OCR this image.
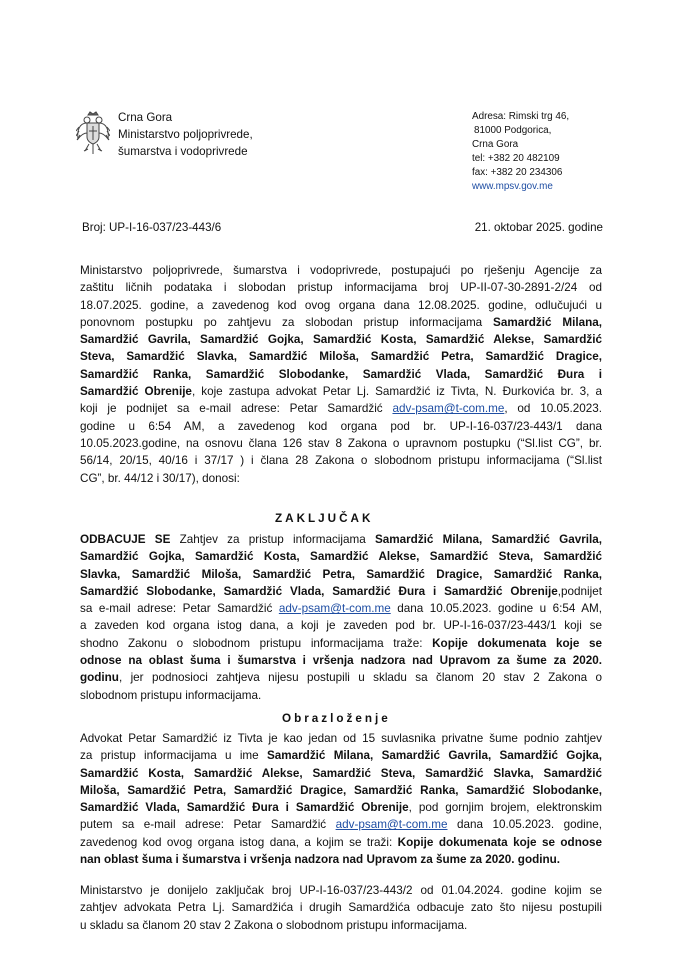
Crna Gora
Ministarstvo poljoprivrede,
šumarstva i vodoprivrede
Adresa: Rimski trg 46,
81000 Podgorica,
Crna Gora
tel: +382 20 482109
fax: +382 20 234306
www.mpsv.gov.me
Broj: UP-I-16-037/23-443/6	21. oktobar 2025. godine
Ministarstvo poljoprivrede, šumarstva i vodoprivrede, postupajući po rješenju Agencije za
zaštitu ličnih podataka i slobodan pristup informacijama broj UP-II-07-30-2891-2/24 od
18.07.2025. godine, a zavedenog kod ovog organa dana 12.08.2025. godine, odlučujući u
ponovnom postupku po zahtjevu za slobodan pristup informacijama Samardžić Milana,
Samardžić Gavrila, Samardžić Gojka, Samardžić Kosta, Samardžić Alekse, Samardžić
Steva, Samardžić Slavka, Samardžić Miloša, Samardžić Petra, Samardžić Dragice,
Samardžić Ranka, Samardžić Slobodanke, Samardžić Vlada, Samardžić Đura i
Samardžić Obrenije, koje zastupa advokat Petar Lj. Samardžić iz Tivta, N. Đurkovića br. 3, a
koji je podnijet sa e-mail adrese: Petar Samardžić adv-psam@t-com.me, od 10.05.2023.
godine u 6:54 AM, a zavedenog kod organa pod br. UP-I-16-037/23-443/1 dana
10.05.2023.godine, na osnovu člana 126 stav 8 Zakona o upravnom postupku (“Sl.list CG”, br.
56/14, 20/15, 40/16 i 37/17 ) i člana 28 Zakona o slobodnom pristupu informacijama (“Sl.list
CG”, br. 44/12 i 30/17), donosi:
ZAKLJUČAK
ODBACUJE SE Zahtjev za pristup informacijama Samardžić Milana, Samardžić Gavrila,
Samardžić Gojka, Samardžić Kosta, Samardžić Alekse, Samardžić Steva, Samardžić
Slavka, Samardžić Miloša, Samardžić Petra, Samardžić Dragice, Samardžić Ranka,
Samardžić Slobodanke, Samardžić Vlada, Samardžić Đura i Samardžić Obrenije,podnijet
sa e-mail adrese: Petar Samardžić adv-psam@t-com.me dana 10.05.2023. godine u 6:54 AM,
a zaveden kod organa istog dana, a koji je zaveden pod br. UP-I-16-037/23-443/1 koji se
shodno Zakonu o slobodnom pristupu informacijama traže: Kopije dokumenata koje se
odnose na oblast šuma i šumarstva i vršenja nadzora nad Upravom za šume za 2020.
godinu, jer podnosioci zahtjeva nijesu postupili u skladu sa članom 20 stav 2 Zakona o
slobodnom pristupu informacijama.
Obrazloženje
Advokat Petar Samardžić iz Tivta je kao jedan od 15 suvlasnika privatne šume podnio zahtjev
za pristup informacijama u ime Samardžić Milana, Samardžić Gavrila, Samardžić Gojka,
Samardžić Kosta, Samardžić Alekse, Samardžić Steva, Samardžić Slavka, Samardžić
Miloša, Samardžić Petra, Samardžić Dragice, Samardžić Ranka, Samardžić Slobodanke,
Samardžić Vlada, Samardžić Đura i Samardžić Obrenije, pod gornjim brojem, elektronskim
putem sa e-mail adrese: Petar Samardžić adv-psam@t-com.me dana 10.05.2023. godine,
zavedenog kod ovog organa istog dana, a kojim se traži: Kopije dokumenata koje se odnose
nan oblast šuma i šumarstva i vršenja nadzora nad Upravom za šume za 2020. godinu.
Ministarstvo je donijelo zaključak broj UP-I-16-037/23-443/2 od 01.04.2024. godine kojim se
zahtjev advokata Petra Lj. Samardžića i drugih Samardžića odbacuje zato što nijesu postupili
u skladu sa članom 20 stav 2 Zakona o slobodnom pristupu informacijama.
